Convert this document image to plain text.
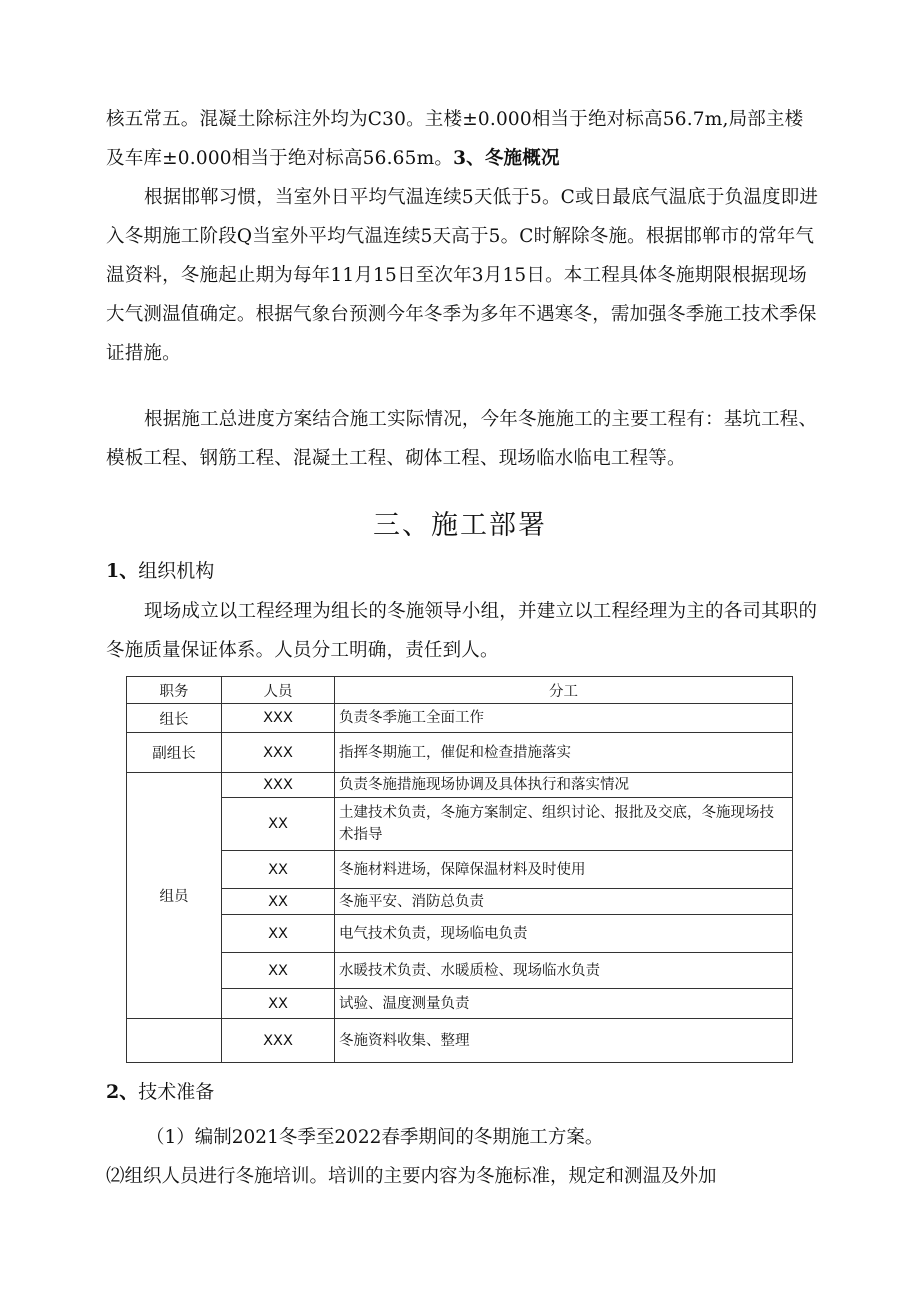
核五常五。混凝土除标注外均为C30。主楼±0.000相当于绝对标高56.7m,局部主楼及车库±0.000相当于绝对标高56.65m。3、冬施概况
根据邯郸习惯，当室外日平均气温连续5天低于5。C或日最底气温底于负温度即进入冬期施工阶段Q当室外平均气温连续5天高于5。C时解除冬施。根据邯郸市的常年气温资料，冬施起止期为每年11月15日至次年3月15日。本工程具体冬施期限根据现场大气测温值确定。根据气象台预测今年冬季为多年不遇寒冬，需加强冬季施工技术季保证措施。
根据施工总进度方案结合施工实际情况，今年冬施施工的主要工程有：基坑工程、模板工程、钢筋工程、混凝土工程、砌体工程、现场临水临电工程等。
三、施工部署
1、组织机构
现场成立以工程经理为组长的冬施领导小组，并建立以工程经理为主的各司其职的冬施质量保证体系。人员分工明确，责任到人。
职务	人员	分工
组长	XXX	负责冬季施工全面工作
副组长	XXX	指挥冬期施工，催促和检查措施落实
组员	XXX	负责冬施措施现场协调及具体执行和落实情况
	XX	土建技术负责，冬施方案制定、组织讨论、报批及交底，冬施现场技术指导
	XX	冬施材料进场，保障保温材料及时使用
	XX	冬施平安、消防总负责
	XX	电气技术负责，现场临电负责
	XX	水暖技术负责、水暖质检、现场临水负责
	XX	试验、温度测量负责
	XXX	冬施资料收集、整理
2、技术准备
（1）编制2021冬季至2022春季期间的冬期施工方案。
⑵组织人员进行冬施培训。培训的主要内容为冬施标准，规定和测温及外加
